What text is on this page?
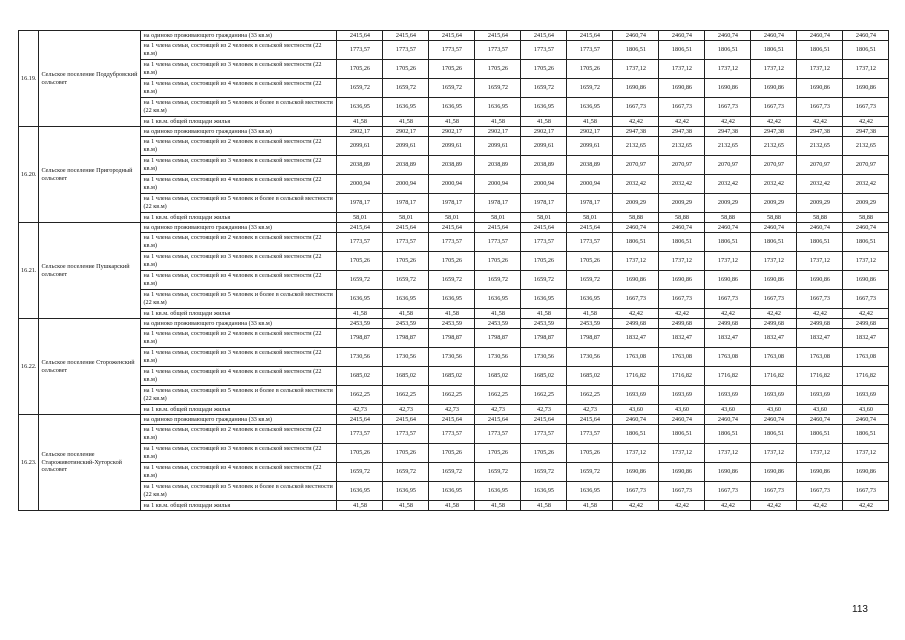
16.19.	Сельское поселение Поддубровский сельсовет	на одиноко проживающего гражданина (33 кв.м)	2415,64	2415,64	2415,64	2415,64	2415,64	2415,64	2460,74	2460,74	2460,74	2460,74	2460,74	2460,74
		на 1 члена семьи, состоящей из 2 человек в сельской местности (22 кв.м)	1773,57	1773,57	1773,57	1773,57	1773,57	1773,57	1806,51	1806,51	1806,51	1806,51	1806,51	1806,51
		на 1 члена семьи, состоящей из 3 человек в сельской местности (22 кв.м)	1705,26	1705,26	1705,26	1705,26	1705,26	1705,26	1737,12	1737,12	1737,12	1737,12	1737,12	1737,12
		на 1 члена семьи, состоящей из 4 человек в сельской местности (22 кв.м)	1659,72	1659,72	1659,72	1659,72	1659,72	1659,72	1690,86	1690,86	1690,86	1690,86	1690,86	1690,86
		на 1 члена семьи, состоящей из 5 человек и более в сельской местности (22 кв.м)	1636,95	1636,95	1636,95	1636,95	1636,95	1636,95	1667,73	1667,73	1667,73	1667,73	1667,73	1667,73
		на 1 кв.м. общей площади жилья	41,58	41,58	41,58	41,58	41,58	41,58	42,42	42,42	42,42	42,42	42,42	42,42
16.20.	Сельское поселение Пригородный сельсовет	на одиноко проживающего гражданина (33 кв.м)	2902,17	2902,17	2902,17	2902,17	2902,17	2902,17	2947,38	2947,38	2947,38	2947,38	2947,38	2947,38
		на 1 члена семьи, состоящей из 2 человек в сельской местности (22 кв.м)	2099,61	2099,61	2099,61	2099,61	2099,61	2099,61	2132,65	2132,65	2132,65	2132,65	2132,65	2132,65
		на 1 члена семьи, состоящей из 3 человек в сельской местности (22 кв.м)	2038,89	2038,89	2038,89	2038,89	2038,89	2038,89	2070,97	2070,97	2070,97	2070,97	2070,97	2070,97
		на 1 члена семьи, состоящей из 4 человек в сельской местности (22 кв.м)	2000,94	2000,94	2000,94	2000,94	2000,94	2000,94	2032,42	2032,42	2032,42	2032,42	2032,42	2032,42
		на 1 члена семьи, состоящей из 5 человек и более в сельской местности (22 кв.м)	1978,17	1978,17	1978,17	1978,17	1978,17	1978,17	2009,29	2009,29	2009,29	2009,29	2009,29	2009,29
		на 1 кв.м. общей площади жилья	58,01	58,01	58,01	58,01	58,01	58,01	58,88	58,88	58,88	58,88	58,88	58,88
16.21.	Сельское поселение Пушкарский сельсовет	на одиноко проживающего гражданина (33 кв.м)	2415,64	2415,64	2415,64	2415,64	2415,64	2415,64	2460,74	2460,74	2460,74	2460,74	2460,74	2460,74
		на 1 члена семьи, состоящей из 2 человек в сельской местности (22 кв.м)	1773,57	1773,57	1773,57	1773,57	1773,57	1773,57	1806,51	1806,51	1806,51	1806,51	1806,51	1806,51
		на 1 члена семьи, состоящей из 3 человек в сельской местности (22 кв.м)	1705,26	1705,26	1705,26	1705,26	1705,26	1705,26	1737,12	1737,12	1737,12	1737,12	1737,12	1737,12
		на 1 члена семьи, состоящей из 4 человек в сельской местности (22 кв.м)	1659,72	1659,72	1659,72	1659,72	1659,72	1659,72	1690,86	1690,86	1690,86	1690,86	1690,86	1690,86
		на 1 члена семьи, состоящей из 5 человек и более в сельской местности (22 кв.м)	1636,95	1636,95	1636,95	1636,95	1636,95	1636,95	1667,73	1667,73	1667,73	1667,73	1667,73	1667,73
		на 1 кв.м. общей площади жилья	41,58	41,58	41,58	41,58	41,58	41,58	42,42	42,42	42,42	42,42	42,42	42,42
16.22.	Сельское поселение Стороженский сельсовет	на одиноко проживающего гражданина (33 кв.м)	2453,59	2453,59	2453,59	2453,59	2453,59	2453,59	2499,68	2499,68	2499,68	2499,68	2499,68	2499,68
		на 1 члена семьи, состоящей из 2 человек в сельской местности (22 кв.м)	1798,87	1798,87	1798,87	1798,87	1798,87	1798,87	1832,47	1832,47	1832,47	1832,47	1832,47	1832,47
		на 1 члена семьи, состоящей из 3 человек в сельской местности (22 кв.м)	1730,56	1730,56	1730,56	1730,56	1730,56	1730,56	1763,08	1763,08	1763,08	1763,08	1763,08	1763,08
		на 1 члена семьи, состоящей из 4 человек в сельской местности (22 кв.м)	1685,02	1685,02	1685,02	1685,02	1685,02	1685,02	1716,82	1716,82	1716,82	1716,82	1716,82	1716,82
		на 1 члена семьи, состоящей из 5 человек и более в сельской местности (22 кв.м)	1662,25	1662,25	1662,25	1662,25	1662,25	1662,25	1693,69	1693,69	1693,69	1693,69	1693,69	1693,69
		на 1 кв.м. общей площади жилья	42,73	42,73	42,73	42,73	42,73	42,73	43,60	43,60	43,60	43,60	43,60	43,60
16.23.	Сельское поселение Староживотинский-Хуторской сельсовет	на одиноко проживающего гражданина (33 кв.м)	2415,64	2415,64	2415,64	2415,64	2415,64	2415,64	2460,74	2460,74	2460,74	2460,74	2460,74	2460,74
		на 1 члена семьи, состоящей из 2 человек в сельской местности (22 кв.м)	1773,57	1773,57	1773,57	1773,57	1773,57	1773,57	1806,51	1806,51	1806,51	1806,51	1806,51	1806,51
		на 1 члена семьи, состоящей из 3 человек в сельской местности (22 кв.м)	1705,26	1705,26	1705,26	1705,26	1705,26	1705,26	1737,12	1737,12	1737,12	1737,12	1737,12	1737,12
		на 1 члена семьи, состоящей из 4 человек в сельской местности (22 кв.м)	1659,72	1659,72	1659,72	1659,72	1659,72	1659,72	1690,86	1690,86	1690,86	1690,86	1690,86	1690,86
		на 1 члена семьи, состоящей из 5 человек и более в сельской местности (22 кв.м)	1636,95	1636,95	1636,95	1636,95	1636,95	1636,95	1667,73	1667,73	1667,73	1667,73	1667,73	1667,73
		на 1 кв.м. общей площади жилья	41,58	41,58	41,58	41,58	41,58	41,58	42,42	42,42	42,42	42,42	42,42	42,42
113
